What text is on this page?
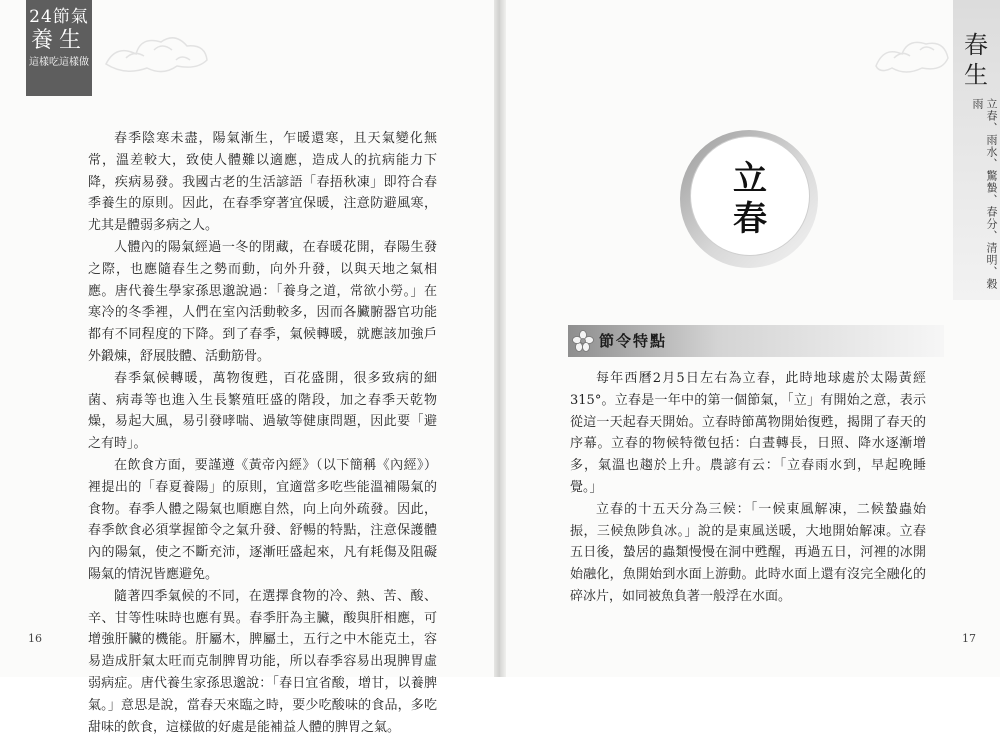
24節氣
養生
這樣吃這樣做

春季陰寒未盡，陽氣漸生，乍暖還寒，且天氣變化無常，溫差較大，致使人體難以適應，造成人的抗病能力下降，疾病易發。我國古老的生活諺語「春捂秋凍」即符合春季養生的原則。因此，在春季穿著宜保暖，注意防避風寒，尤其是體弱多病之人。

人體內的陽氣經過一冬的閉藏，在春暖花開，春陽生發之際，也應隨春生之勢而動，向外升發，以與天地之氣相應。唐代養生學家孫思邈說過：「養身之道，常欲小勞。」在寒冷的冬季裡，人們在室內活動較多，因而各臟腑器官功能都有不同程度的下降。到了春季，氣候轉暖，就應該加強戶外鍛煉，舒展肢體、活動筋骨。

春季氣候轉暖，萬物復甦，百花盛開，很多致病的細菌、病毒等也進入生長繁殖旺盛的階段，加之春季天乾物燥，易起大風，易引發哮喘、過敏等健康問題，因此要「避之有時」。

在飲食方面，要謹遵《黃帝內經》（以下簡稱《內經》）裡提出的「春夏養陽」的原則，宜適當多吃些能溫補陽氣的食物。春季人體之陽氣也順應自然，向上向外疏發。因此，春季飲食必須掌握節令之氣升發、舒暢的特點，注意保護體內的陽氣，使之不斷充沛，逐漸旺盛起來，凡有耗傷及阻礙陽氣的情況皆應避免。

隨著四季氣候的不同，在選擇食物的冷、熱、苦、酸、辛、甘等性味時也應有異。春季肝為主臟，酸與肝相應，可增強肝臟的機能。肝屬木，脾屬土，五行之中木能克土，容易造成肝氣太旺而克制脾胃功能，所以春季容易出現脾胃虛弱病症。唐代養生家孫思邈說：「春日宜省酸，增甘，以養脾氣。」意思是說，當春天來臨之時，要少吃酸味的食品，多吃甜味的飲食，這樣做的好處是能補益人體的脾胃之氣。

16
立春
節令特點

每年西曆2月5日左右為立春，此時地球處於太陽黃經315°。立春是一年中的第一個節氣，「立」有開始之意，表示從這一天起春天開始。立春時節萬物開始復甦，揭開了春天的序幕。立春的物候特徵包括：白晝轉長，日照、降水逐漸增多，氣溫也趨於上升。農諺有云：「立春雨水到，早起晚睡覺。」

立春的十五天分為三候：「一候東風解凍，二候蟄蟲始振，三候魚陟負冰。」說的是東風送暖，大地開始解凍。立春五日後，蟄居的蟲類慢慢在洞中甦醒，再過五日，河裡的冰開始融化，魚開始到水面上游動。此時水面上還有沒完全融化的碎冰片，如同被魚負著一般浮在水面。

17
春生
立春、雨水、驚蟄、春分、清明、穀雨
